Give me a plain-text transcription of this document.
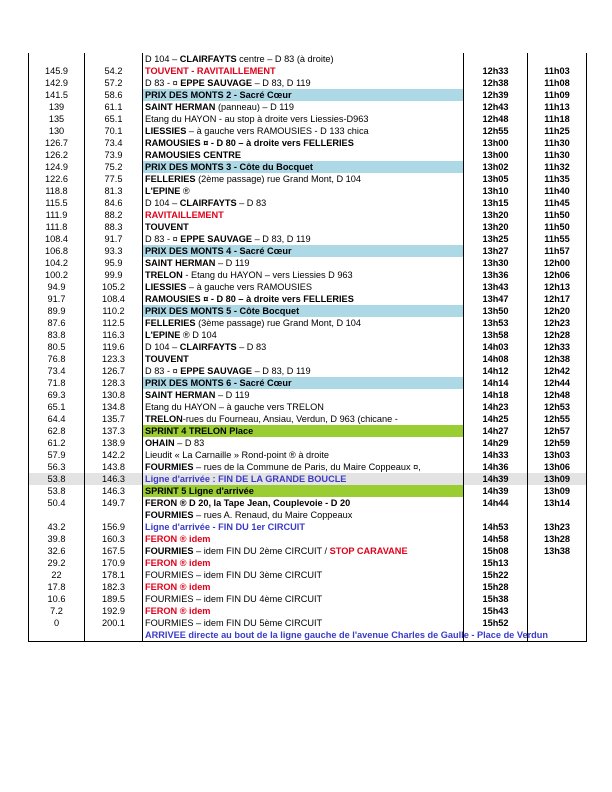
		D 104 – CLAIRFAYTS centre – D 83 (à droite)		
145.9	54.2	TOUVENT - RAVITAILLEMENT	12h33	11h03
142.9	57.2	D 83 - ¤ EPPE SAUVAGE – D 83, D 119	12h38	11h08
141.5	58.6	PRIX DES MONTS 2 - Sacré Cœur	12h39	11h09
139	61.1	SAINT HERMAN (panneau) – D 119	12h43	11h13
135	65.1	Etang du HAYON - au stop à droite vers Liessies-D963	12h48	11h18
130	70.1	LIESSIES – à gauche vers RAMOUSIES - D 133 chica	12h55	11h25
126.7	73.4	RAMOUSIES ¤ - D 80 – à droite vers FELLERIES	13h00	11h30
126.2	73.9	RAMOUSIES CENTRE	13h00	11h30
124.9	75.2	PRIX DES MONTS 3 - Côte du Bocquet	13h02	11h32
122.6	77.5	FELLERIES (2ème passage) rue Grand Mont, D 104	13h05	11h35
118.8	81.3	L'EPINE ®	13h10	11h40
115.5	84.6	D 104 – CLAIRFAYTS – D 83	13h15	11h45
111.9	88.2	RAVITAILLEMENT	13h20	11h50
111.8	88.3	TOUVENT	13h20	11h50
108.4	91.7	D 83 - ¤ EPPE SAUVAGE – D 83, D 119	13h25	11h55
106.8	93.3	PRIX DES MONTS 4 - Sacré Cœur	13h27	11h57
104.2	95.9	SAINT HERMAN – D 119	13h30	12h00
100.2	99.9	TRELON - Etang du HAYON – vers Liessies D 963	13h36	12h06
94.9	105.2	LIESSIES – à gauche vers RAMOUSIES	13h43	12h13
91.7	108.4	RAMOUSIES ¤ - D 80 – à droite vers FELLERIES	13h47	12h17
89.9	110.2	PRIX DES MONTS 5 - Côte Bocquet	13h50	12h20
87.6	112.5	FELLERIES (3ème passage) rue Grand Mont, D 104	13h53	12h23
83.8	116.3	L'EPINE ® D 104	13h58	12h28
80.5	119.6	D 104 – CLAIRFAYTS – D 83	14h03	12h33
76.8	123.3	TOUVENT	14h08	12h38
73.4	126.7	D 83 - ¤ EPPE SAUVAGE – D 83, D 119	14h12	12h42
71.8	128.3	PRIX DES MONTS 6 - Sacré Cœur	14h14	12h44
69.3	130.8	SAINT HERMAN – D 119	14h18	12h48
65.1	134.8	Etang du HAYON – à gauche vers TRELON	14h23	12h53
64.4	135.7	TRELON-rues du Fourneau, Ansiau, Verdun, D 963 (chicane -	14h25	12h55
62.8	137.3	SPRINT 4 TRELON Place	14h27	12h57
61.2	138.9	OHAIN – D 83	14h29	12h59
57.9	142.2	Lieudit « La Carnaille » Rond-point ® à droite	14h33	13h03
56.3	143.8	FOURMIES – rues de la Commune de Paris, du Maire Coppeaux ¤,	14h36	13h06
53.8	146.3	Ligne d'arrivée : FIN DE LA GRANDE BOUCLE	14h39	13h09
53.8	146.3	SPRINT 5 Ligne d'arrivée	14h39	13h09
50.4	149.7	FERON ® D 20, la Tape Jean, Couplevoie - D 20	14h44	13h14
		FOURMIES – rues A. Renaud, du Maire Coppeaux		
43.2	156.9	Ligne d'arrivée - FIN DU 1er CIRCUIT	14h53	13h23
39.8	160.3	FERON ® idem	14h58	13h28
32.6	167.5	FOURMIES – idem FIN DU 2ème CIRCUIT / STOP CARAVANE	15h08	13h38
29.2	170.9	FERON ® idem	15h13	
22	178.1	FOURMIES – idem FIN DU 3ème CIRCUIT	15h22	
17.8	182.3	FERON ® idem	15h28	
10.6	189.5	FOURMIES – idem FIN DU 4ème CIRCUIT	15h38	
7.2	192.9	FERON ® idem	15h43	
0	200.1	FOURMIES – idem FIN DU 5ème CIRCUIT	15h52	
		ARRIVEE directe au bout de la ligne gauche de l'avenue Charles de Gaulle - Place de Verdun		
